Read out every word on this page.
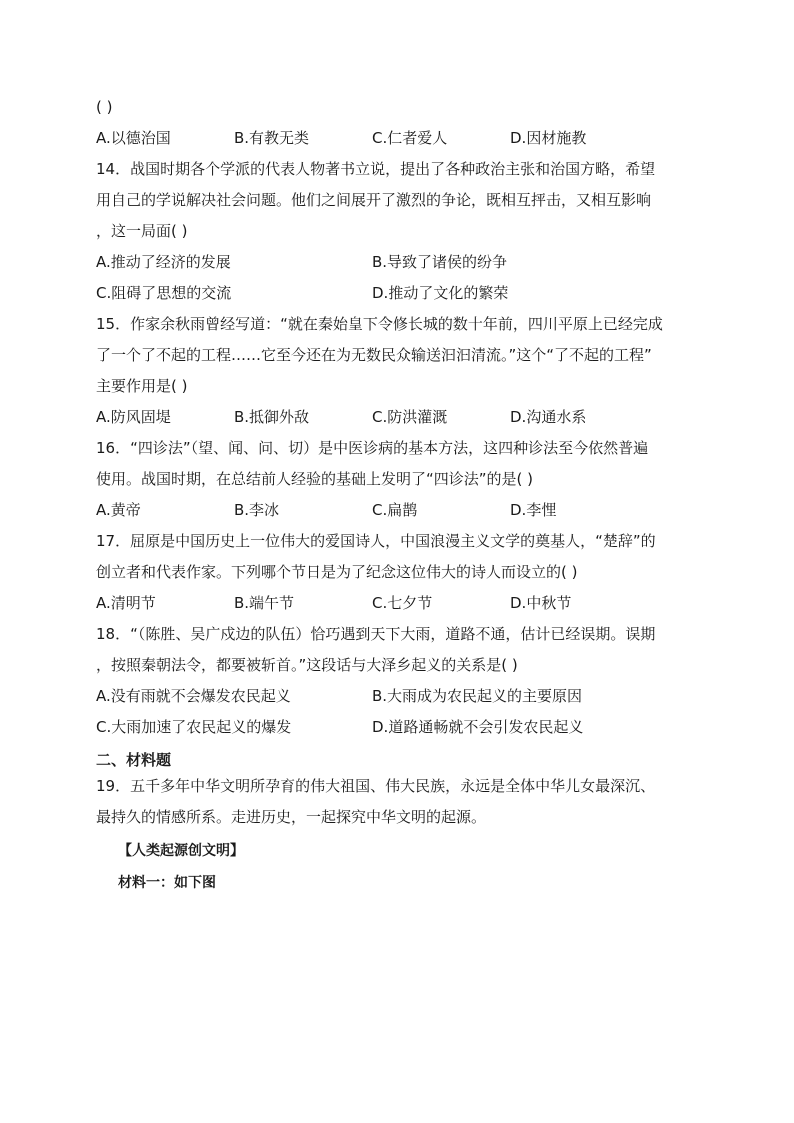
( )
A.以德治国	B.有教无类	C.仁者爱人	D.因材施教
14．战国时期各个学派的代表人物著书立说，提出了各种政治主张和治国方略，希望
用自己的学说解决社会问题。他们之间展开了激烈的争论，既相互抨击，又相互影响
，这一局面( )
A.推动了经济的发展	B.导致了诸侯的纷争
C.阻碍了思想的交流	D.推动了文化的繁荣
15．作家余秋雨曾经写道：“就在秦始皇下令修长城的数十年前，四川平原上已经完成
了一个了不起的工程……它至今还在为无数民众输送汩汩清流。”这个“了不起的工程”
主要作用是( )
A.防风固堤	B.抵御外敌	C.防洪灌溉	D.沟通水系
16．“四诊法”（望、闻、问、切）是中医诊病的基本方法，这四种诊法至今依然普遍
使用。战国时期，在总结前人经验的基础上发明了“四诊法”的是( )
A.黄帝	B.李冰	C.扁鹊	D.李悝
17．屈原是中国历史上一位伟大的爱国诗人，中国浪漫主义文学的奠基人，“楚辞”的
创立者和代表作家。下列哪个节日是为了纪念这位伟大的诗人而设立的( )
A.清明节	B.端午节	C.七夕节	D.中秋节
18．“（陈胜、吴广戍边的队伍）恰巧遇到天下大雨，道路不通，估计已经误期。误期
，按照秦朝法令，都要被斩首。”这段话与大泽乡起义的关系是( )
A.没有雨就不会爆发农民起义	B.大雨成为农民起义的主要原因
C.大雨加速了农民起义的爆发	D.道路通畅就不会引发农民起义
二、材料题
19．五千多年中华文明所孕育的伟大祖国、伟大民族，永远是全体中华儿女最深沉、
最持久的情感所系。走进历史，一起探究中华文明的起源。
【人类起源创文明】
材料一：如下图
